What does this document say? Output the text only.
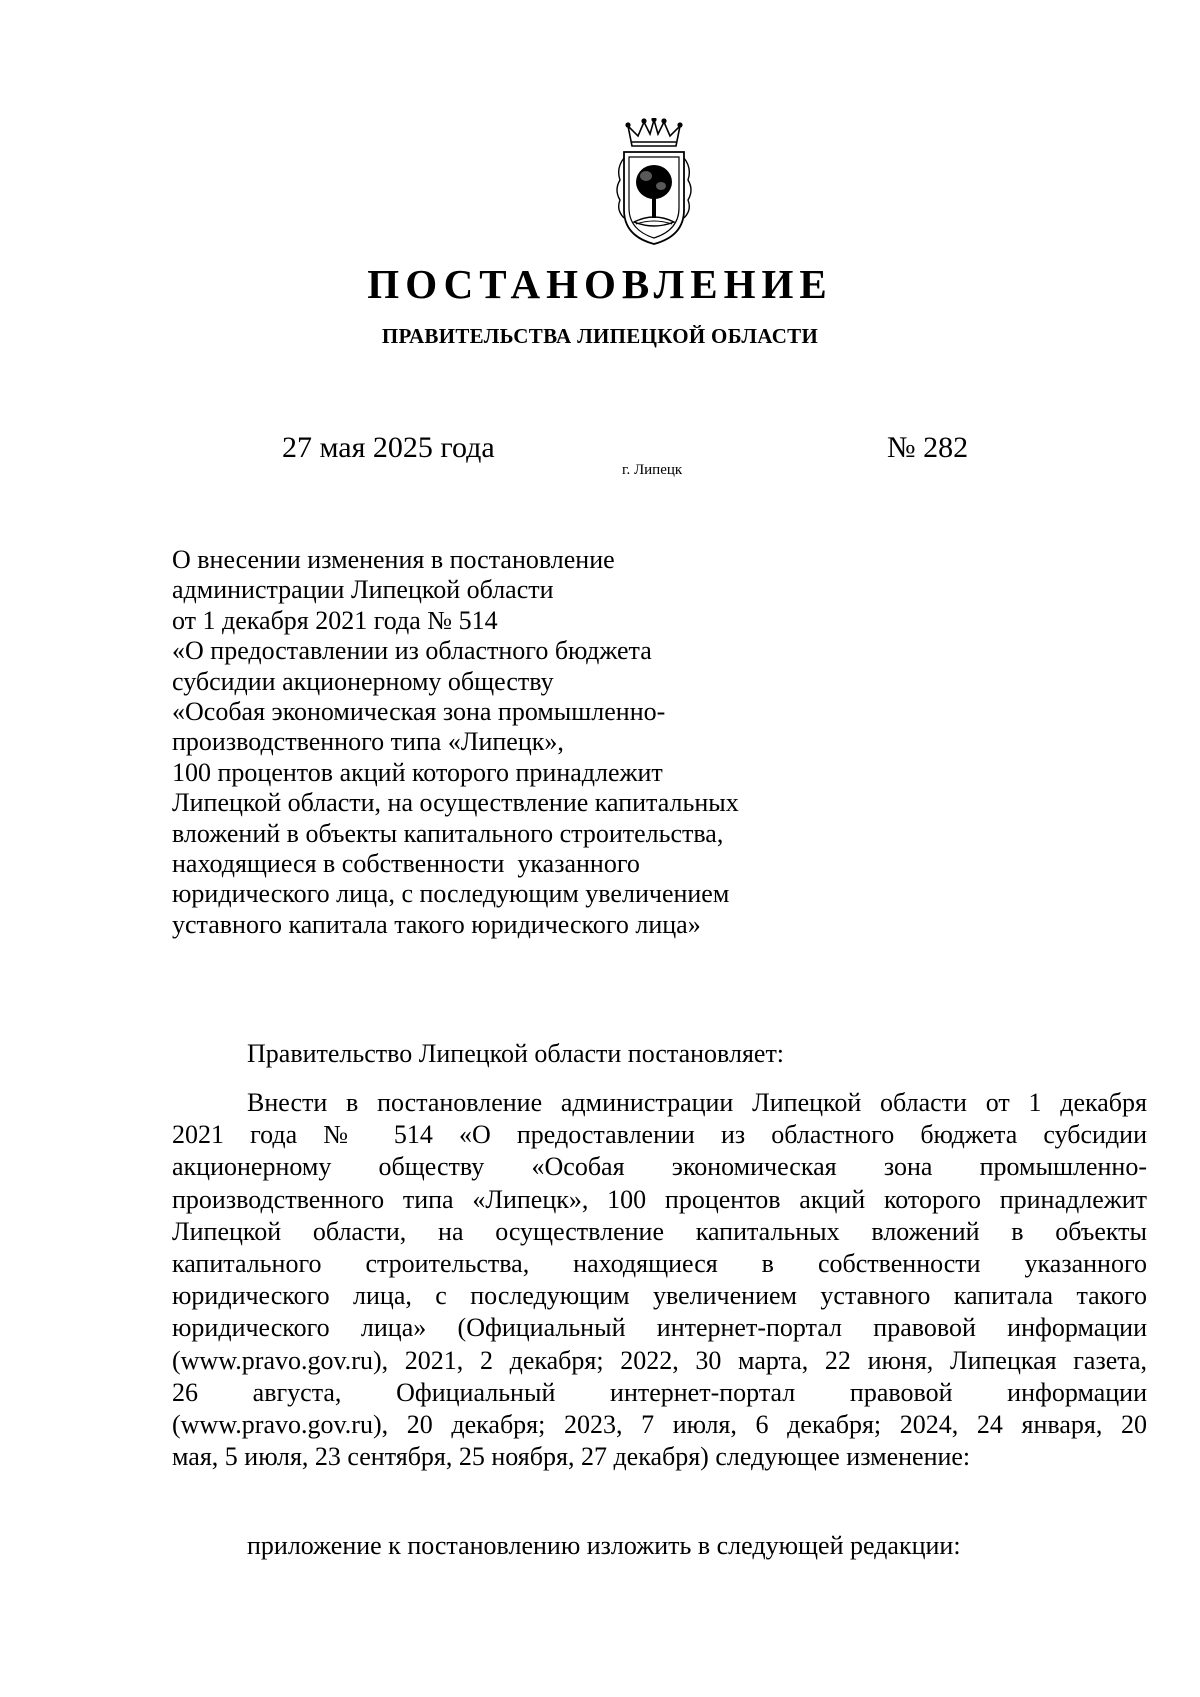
ПОСТАНОВЛЕНИЕ
ПРАВИТЕЛЬСТВА ЛИПЕЦКОЙ ОБЛАСТИ
27 мая 2025 года
г. Липецк
№ 282
О внесении изменения в постановление
администрации Липецкой области
от 1 декабря 2021 года № 514
«О предоставлении из областного бюджета
субсидии акционерному обществу
«Особая экономическая зона промышленно-
производственного типа «Липецк»,
100 процентов акций которого принадлежит
Липецкой области, на осуществление капитальных
вложений в объекты капитального строительства,
находящиеся в собственности  указанного
юридического лица, с последующим увеличением
уставного капитала такого юридического лица»
Правительство Липецкой области постановляет:
Внести в постановление администрации Липецкой области от 1 декабря
2021 года № 514 «О предоставлении из областного бюджета субсидии
акционерному обществу «Особая экономическая зона промышленно-
производственного типа «Липецк», 100 процентов акций которого принадлежит
Липецкой области, на осуществление капитальных вложений в объекты
капитального строительства, находящиеся в собственности указанного
юридического лица, с последующим увеличением уставного капитала такого
юридического лица» (Официальный интернет-портал правовой информации
(www.pravo.gov.ru), 2021, 2 декабря; 2022, 30 марта, 22 июня, Липецкая газета,
26 августа, Официальный интернет-портал правовой информации
(www.pravo.gov.ru), 20 декабря; 2023, 7 июля, 6 декабря; 2024, 24 января, 20
мая, 5 июля, 23 сентября, 25 ноября, 27 декабря) следующее изменение:
приложение к постановлению изложить в следующей редакции:
